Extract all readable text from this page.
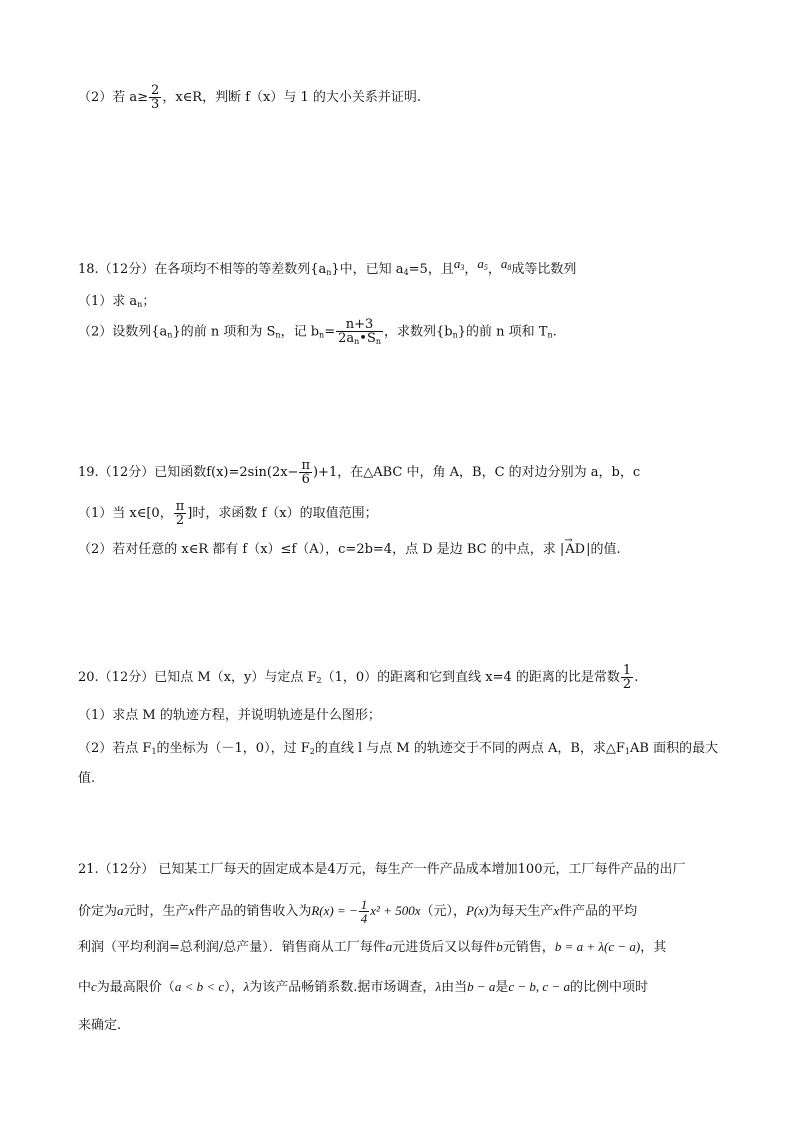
（2）若 $a\ge \frac{2}{3}$ ，x∈R，判断 f（x）与 1 的大小关系并证明.
18.（12分）在各项均不相等的等差数列$\{a_n\}$中，已知 $a_4=5$，且$a_3$，$a_5$，$a_8$成等比数列
（1）求 $a_n$；
（2）设数列$\{a_n\}$的前 n 项和为 $S_n$，记 $b_n= \frac{n+3}{2a_n•S_n}$ ，求数列$\{b_n\}$的前 n 项和 $T_n$.
19.（12分）已知函数$f(x)=2\sin(2x- \frac{\pi}{6} )+1$，在△ABC 中，角 A，B，C 的对边分别为 a，b，c
（1）当 x∈[0， $\frac{\pi}{2}$ ]时，求函数 f（x）的取值范围；
（2）若对任意的 x∈R 都有 f（x）≤f（A），c=2b=4，点 D 是边 BC 的中点，求 |→ AD|的值.
20.（12分）已知点 M（x，y）与定点 $F_2(1$，0）的距离和它到直线 x=4 的距离的比是常数 $\frac{1}{2}$ .
（1）求点 M 的轨迹方程，并说明轨迹是什么图形；
（2）若点 $F_1$的坐标为（－1，0），过 $F_2$的直线 l 与点 M 的轨迹交于不同的两点 A，B，求$\triangle F_1AB$ 面积的最大
值.
21.（12分） 已知某工厂每天的固定成本是4万元，每生产一件产品成本增加100元，工厂每件产品的出厂
价定为a元时，生产x件产品的销售收入为R(x) = − $\frac{1}{4} x^2 + 500x$（元），P(x)为每天生产x件产品的平均
利润（平均利润=总利润/总产量）．销售商从工厂每件a元进货后又以每件b元销售，b = a + λ(c − a)，其
中c为最高限价（a < b < c），λ为该产品畅销系数.据市场调查，λ由当b − a是c − b, c − a的比例中项时
来确定.
